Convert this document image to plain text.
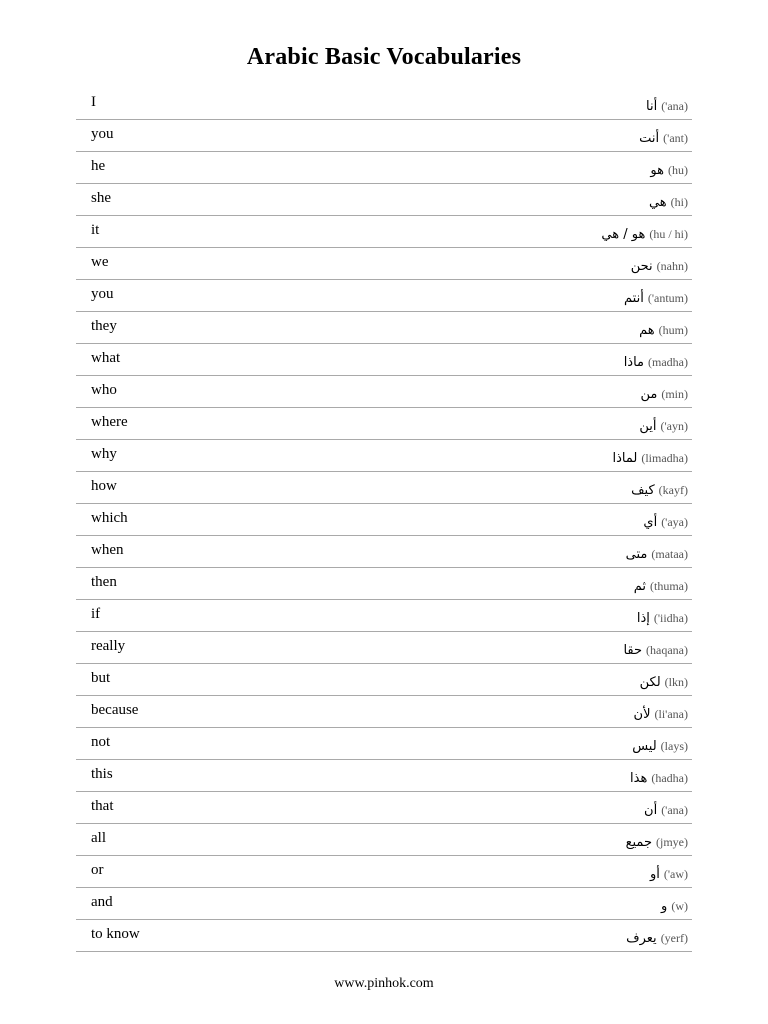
Arabic Basic Vocabularies
I	أنا ('ana)
you	أنت ('ant)
he	هو (hu)
she	هي (hi)
it	هو / هي (hu / hi)
we	نحن (nahn)
you	أنتم ('antum)
they	هم (hum)
what	ماذا (madha)
who	من (min)
where	أين ('ayn)
why	لماذا (limadha)
how	كيف (kayf)
which	أي ('aya)
when	متى (mataa)
then	ثم (thuma)
if	إذا ('iidha)
really	حقا (haqana)
but	لكن (lkn)
because	لأن (li'ana)
not	ليس (lays)
this	هذا (hadha)
that	أن ('ana)
all	جميع (jmye)
or	أو ('aw)
and	و (w)
to know	يعرف (yerf)
www.pinhok.com
